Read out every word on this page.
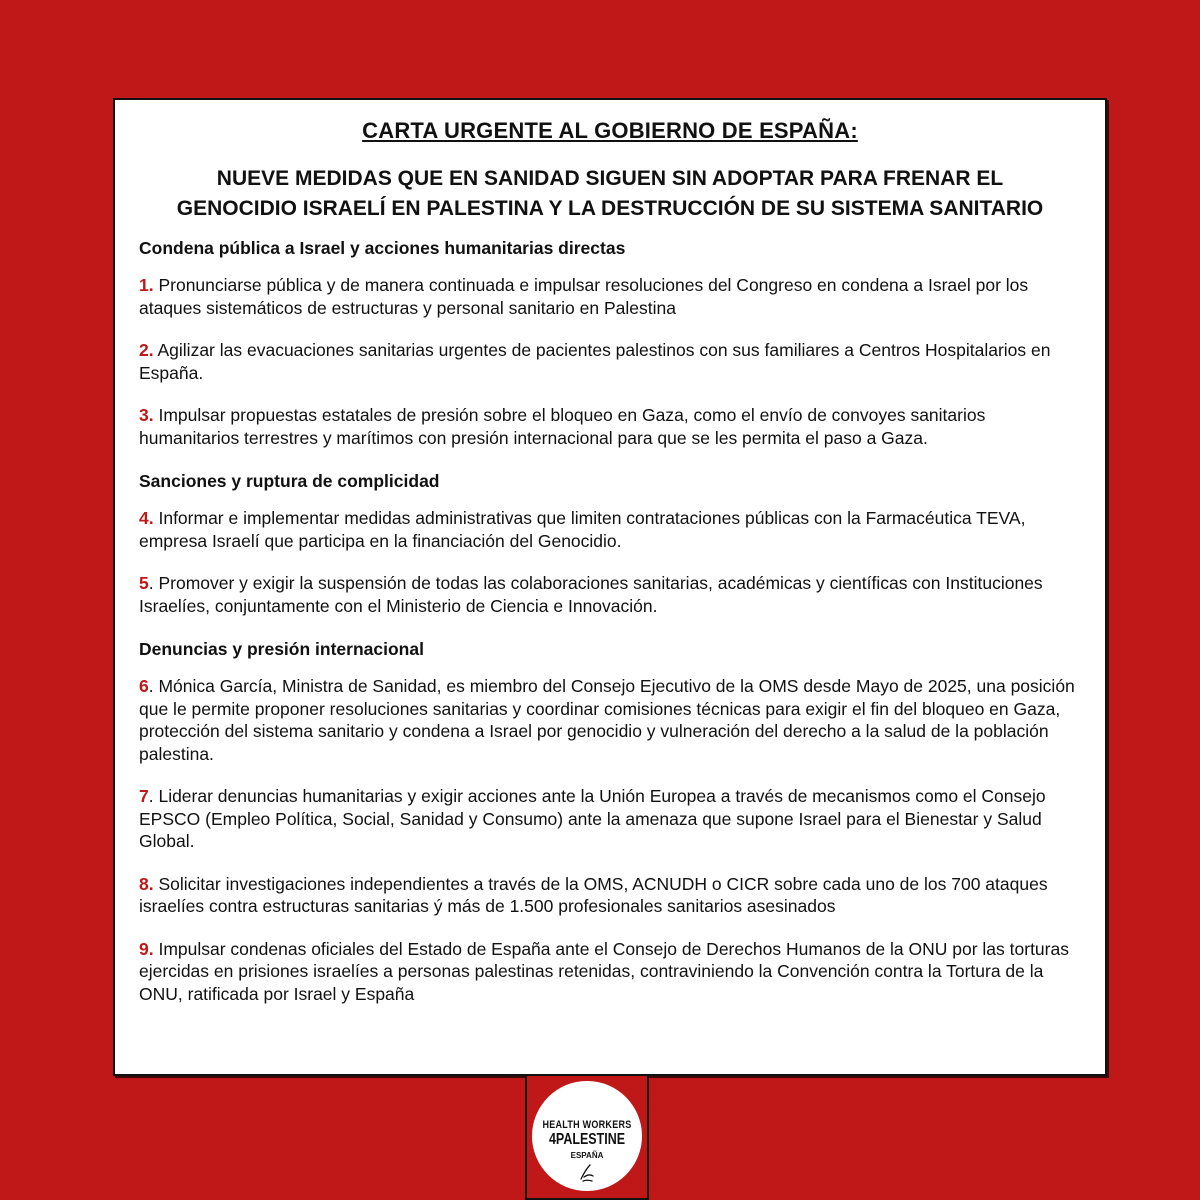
CARTA URGENTE AL GOBIERNO DE ESPAÑA:
NUEVE MEDIDAS QUE EN SANIDAD SIGUEN SIN ADOPTAR PARA FRENAR EL
GENOCIDIO ISRAELÍ EN PALESTINA Y LA DESTRUCCIÓN DE SU SISTEMA SANITARIO
Condena pública a Israel y acciones humanitarias directas
1. Pronunciarse pública y de manera continuada e impulsar resoluciones del Congreso en condena a Israel por los ataques sistemáticos de estructuras y personal sanitario en Palestina
2. Agilizar las evacuaciones sanitarias urgentes de pacientes palestinos con sus familiares a Centros Hospitalarios en España.
3. Impulsar propuestas estatales de presión sobre el bloqueo en Gaza, como el envío de convoyes sanitarios humanitarios terrestres y marítimos con presión internacional para que se les permita el paso a Gaza.
Sanciones y ruptura de complicidad
4. Informar e implementar medidas administrativas que limiten contrataciones públicas con la Farmacéutica TEVA, empresa Israelí que participa en la financiación del Genocidio.
5. Promover y exigir la suspensión de todas las colaboraciones sanitarias, académicas y científicas con Instituciones Israelíes, conjuntamente con el Ministerio de Ciencia e Innovación.
Denuncias y presión internacional
6. Mónica García, Ministra de Sanidad, es miembro del Consejo Ejecutivo de la OMS desde Mayo de 2025, una posición que le permite proponer resoluciones sanitarias y coordinar comisiones técnicas para exigir el fin del bloqueo en Gaza, protección del sistema sanitario y condena a Israel por genocidio y vulneración del derecho a la salud de la población palestina.
7. Liderar denuncias humanitarias y exigir acciones ante la Unión Europea a través de mecanismos como el Consejo EPSCO (Empleo Política, Social, Sanidad y Consumo) ante la amenaza que supone Israel para el Bienestar y Salud Global.
8. Solicitar investigaciones independientes a través de la OMS, ACNUDH o CICR sobre cada uno de los 700 ataques israelíes contra estructuras sanitarias ý más de 1.500 profesionales sanitarios asesinados
9. Impulsar condenas oficiales del Estado de España ante el Consejo de Derechos Humanos de la ONU por las torturas ejercidas en prisiones israelíes a personas palestinas retenidas, contraviniendo la Convención contra la Tortura de la ONU, ratificada por Israel y España
HEALTH WORKERS
4PALESTINE
ESPAÑA
